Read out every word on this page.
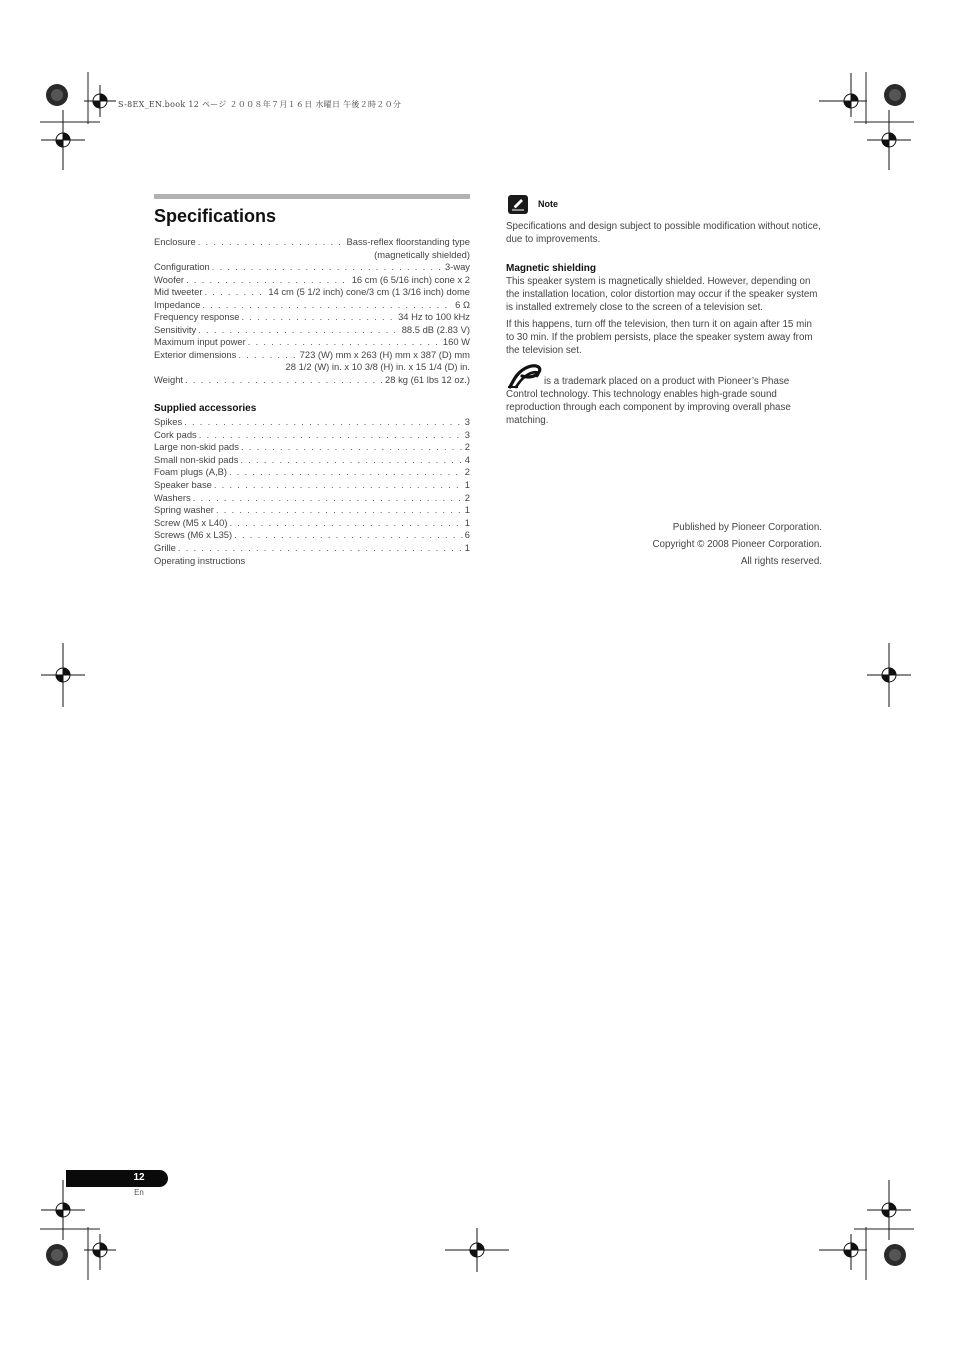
S-8EX_EN.book 12 ページ ２００８年７月１６日 水曜日 午後２時２０分
Specifications
Enclosure . . .	Bass-reflex floorstanding type
(magnetically shielded)
Configuration . . .	3-way
Woofer . . .	16 cm (6 5/16 inch) cone x 2
Mid tweeter . . .	14 cm (5 1/2 inch) cone/3 cm (1 3/16 inch) dome
Impedance . . .	6 Ω
Frequency response . . .	34 Hz to 100 kHz
Sensitivity . . .	88.5 dB (2.83 V)
Maximum input power . . .	160 W
Exterior dimensions . . .	723 (W) mm x 263 (H) mm x 387 (D) mm
28 1/2 (W) in. x 10 3/8 (H) in. x 15 1/4 (D) in.
Weight . . .	28 kg (61 lbs 12 oz.)
Supplied accessories
Spikes . . .	3
Cork pads . . .	3
Large non-skid pads . . .	2
Small non-skid pads . . .	4
Foam plugs (A,B) . . .	2
Speaker base . . .	1
Washers . . .	2
Spring washer . . .	1
Screw (M5 x L40) . . .	1
Screws (M6 x L35) . . .	6
Grille . . .	1
Operating instructions
Note

Specifications and design subject to possible modification without notice, due to improvements.

Magnetic shielding

This speaker system is magnetically shielded. However, depending on the installation location, color distortion may occur if the speaker system is installed extremely close to the screen of a television set.

If this happens, turn off the television, then turn it on again after 15 min to 30 min. If the problem persists, place the speaker system away from the television set.

is a trademark placed on a product with Pioneer’s Phase Control technology. This technology enables high-grade sound reproduction through each component by improving overall phase matching.

Published by Pioneer Corporation.
Copyright © 2008 Pioneer Corporation.
All rights reserved.
12
En
